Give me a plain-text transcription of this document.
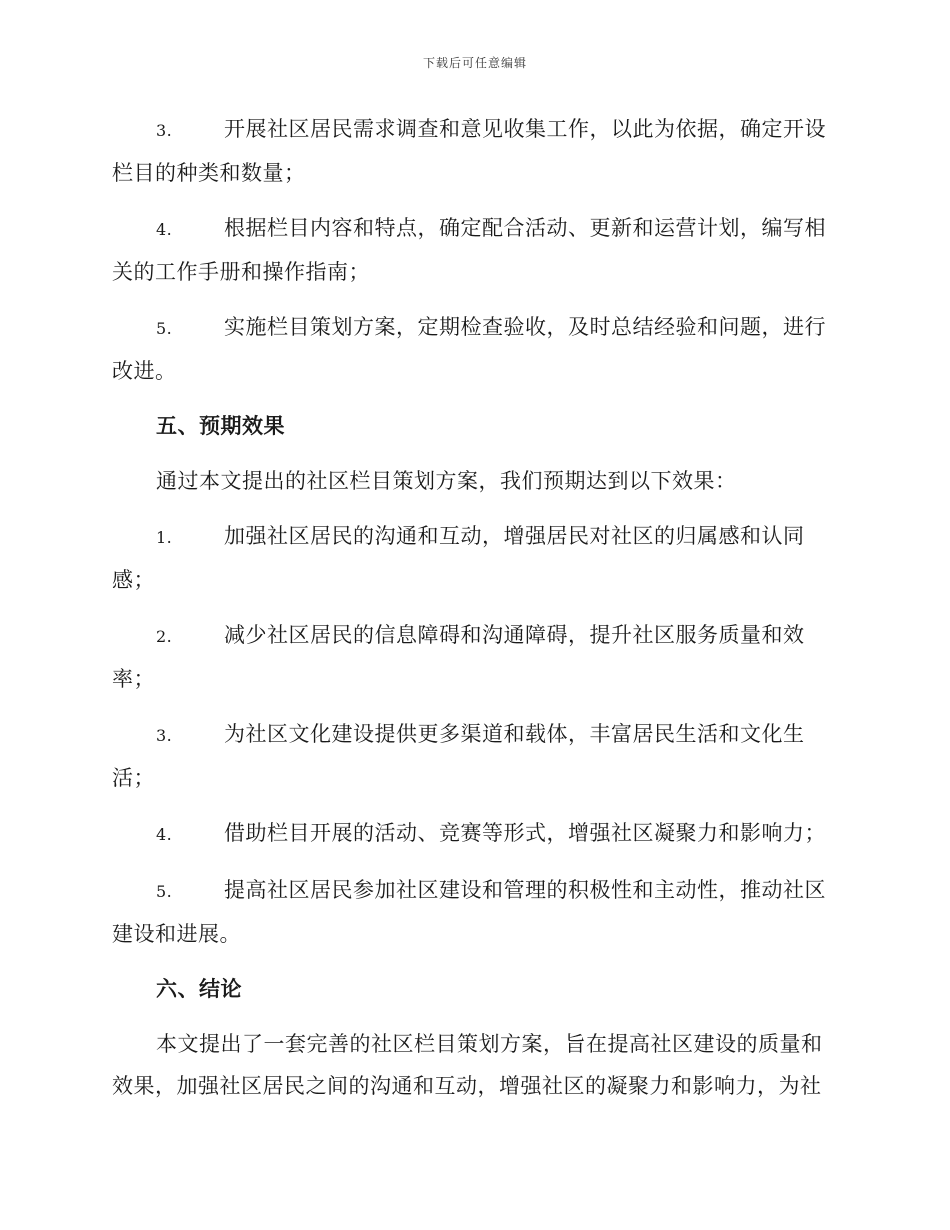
下载后可任意编辑

3. 开展社区居民需求调查和意见收集工作，以此为依据，确定开设栏目的种类和数量；

4. 根据栏目内容和特点，确定配合活动、更新和运营计划，编写相关的工作手册和操作指南；

5. 实施栏目策划方案，定期检查验收，及时总结经验和问题，进行改进。

五、预期效果

通过本文提出的社区栏目策划方案，我们预期达到以下效果：

1. 加强社区居民的沟通和互动，增强居民对社区的归属感和认同感；

2. 减少社区居民的信息障碍和沟通障碍，提升社区服务质量和效率；

3. 为社区文化建设提供更多渠道和载体，丰富居民生活和文化生活；

4. 借助栏目开展的活动、竞赛等形式，增强社区凝聚力和影响力；

5. 提高社区居民参加社区建设和管理的积极性和主动性，推动社区建设和进展。

六、结论

本文提出了一套完善的社区栏目策划方案，旨在提高社区建设的质量和效果，加强社区居民之间的沟通和互动，增强社区的凝聚力和影响力，为社
